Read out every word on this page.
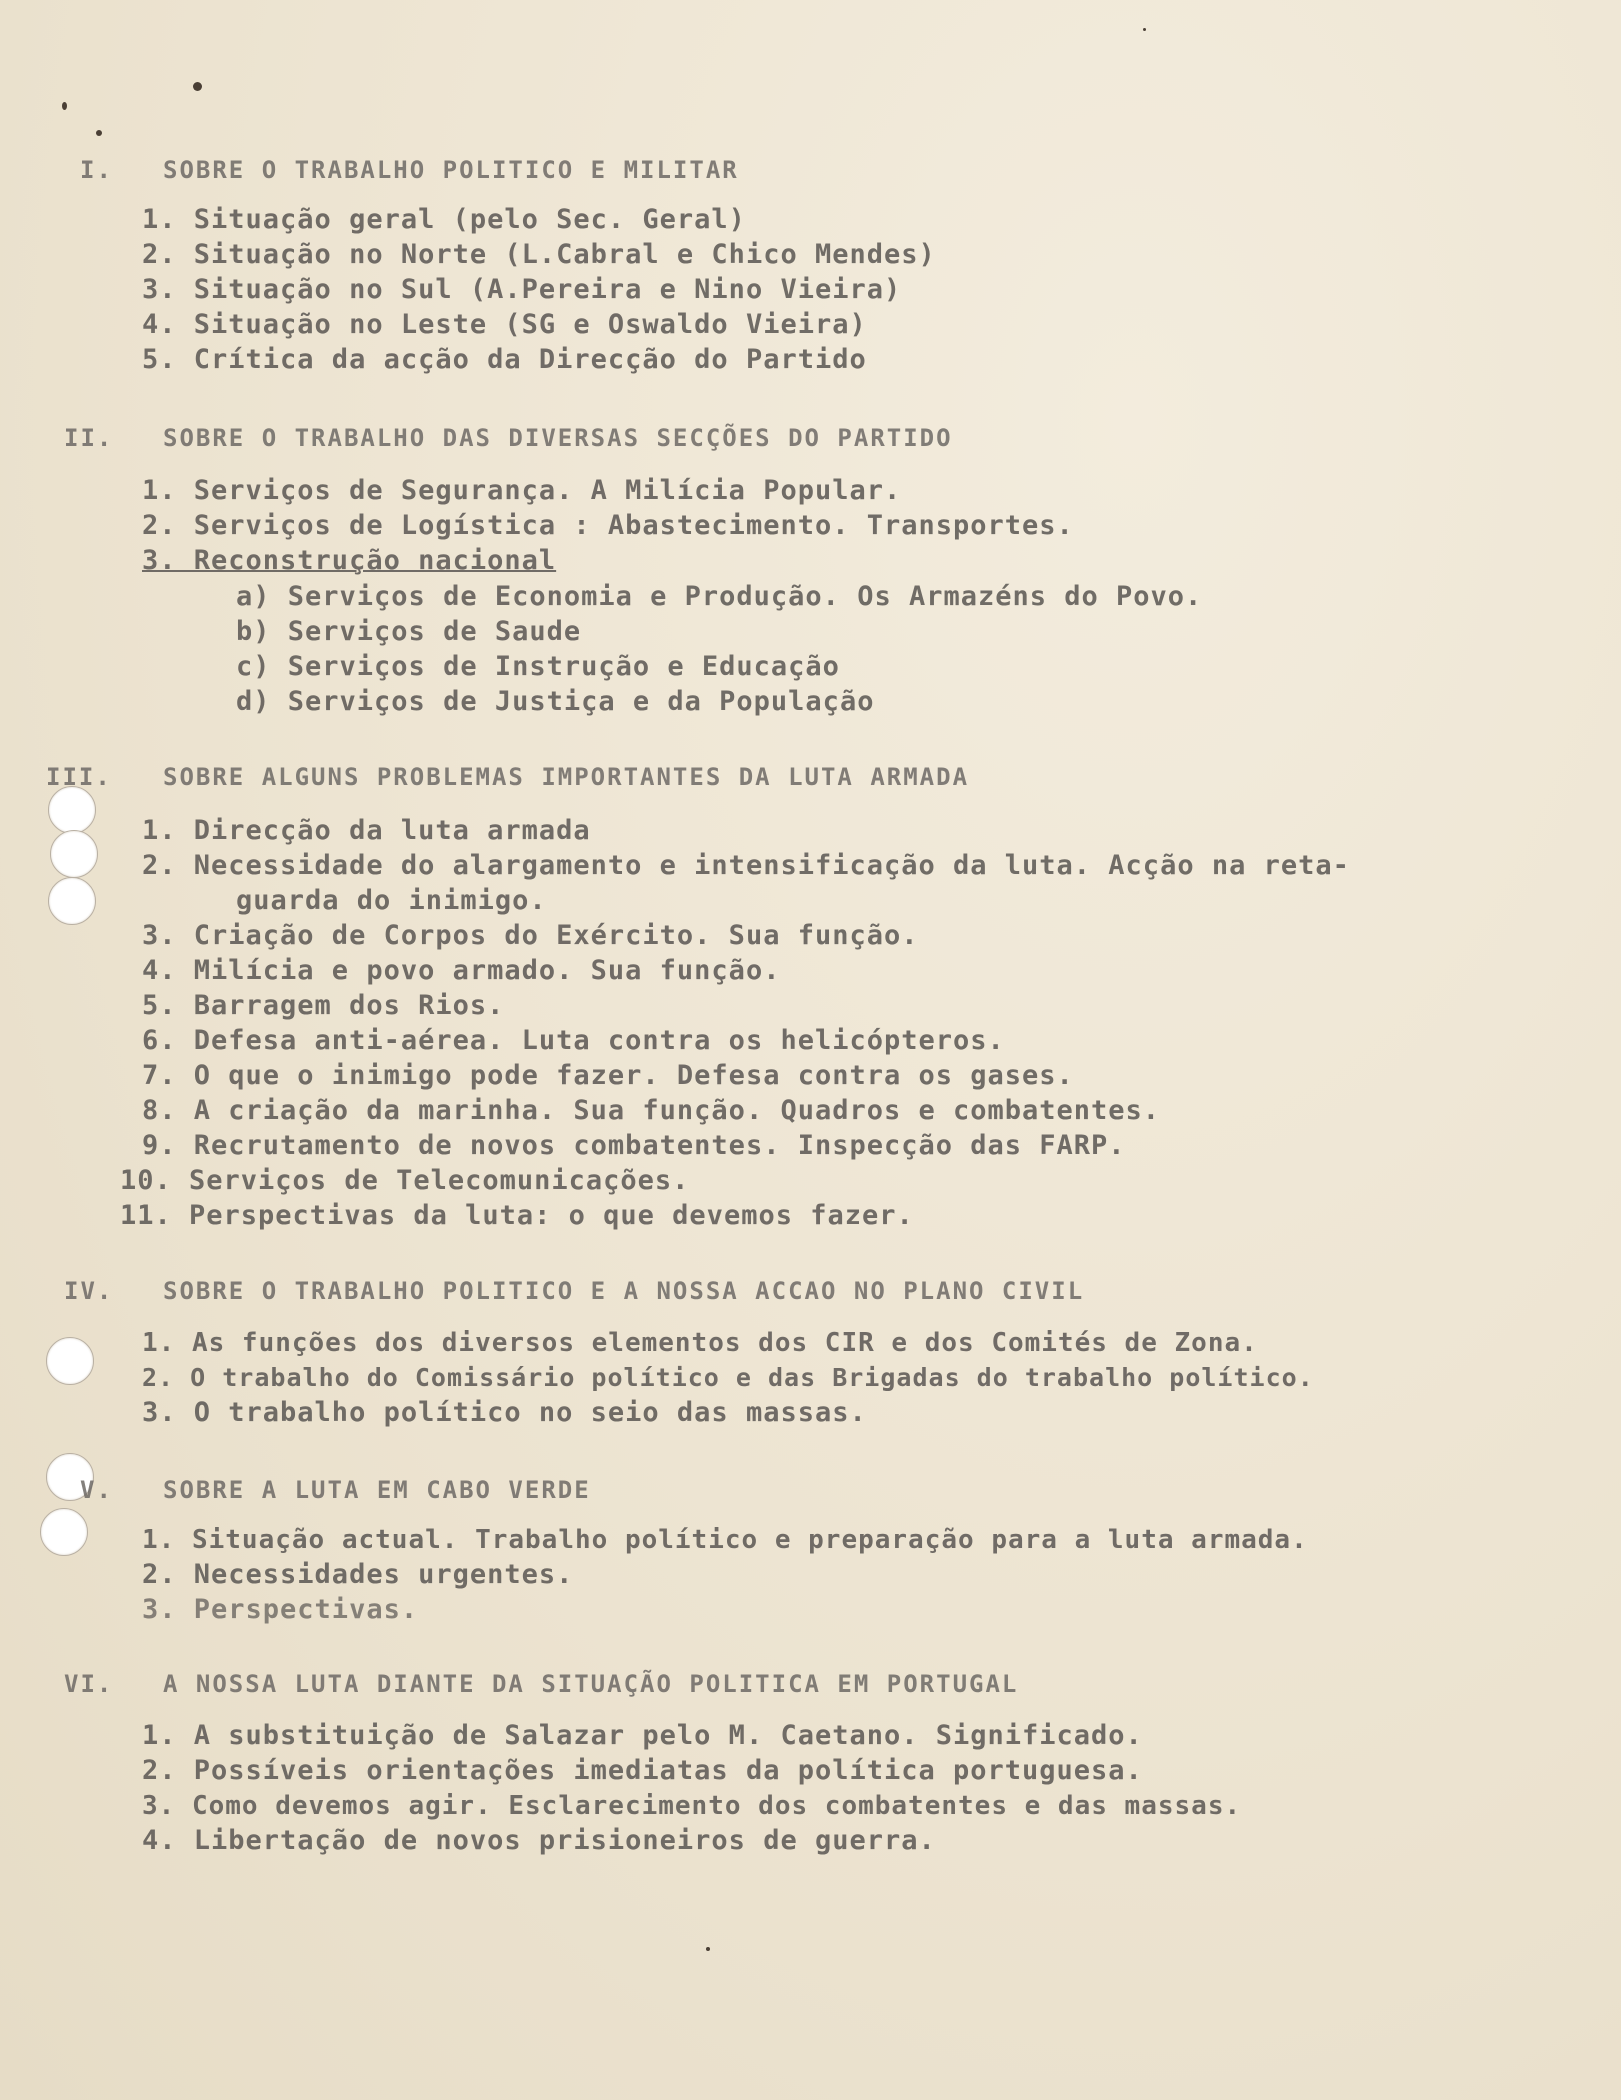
I. SOBRE O TRABALHO POLITICO E MILITAR
1. Situação geral (pelo Sec. Geral)
2. Situação no Norte (L.Cabral e Chico Mendes)
3. Situação no Sul (A.Pereira e Nino Vieira)
4. Situação no Leste (SG e Oswaldo Vieira)
5. Crítica da acção da Direcção do Partido
II. SOBRE O TRABALHO DAS DIVERSAS SECÇÕES DO PARTIDO
1. Serviços de Segurança. A Milícia Popular.
2. Serviços de Logística : Abastecimento. Transportes.
3. Reconstrução nacional
a) Serviços de Economia e Produção. Os Armazéns do Povo.
b) Serviços de Saude
c) Serviços de Instrução e Educação
d) Serviços de Justiça e da População
III. SOBRE ALGUNS PROBLEMAS IMPORTANTES DA LUTA ARMADA
1. Direcção da luta armada
2. Necessidade do alargamento e intensificação da luta. Acção na reta-
guarda do inimigo.
3. Criação de Corpos do Exército. Sua função.
4. Milícia e povo armado. Sua função.
5. Barragem dos Rios.
6. Defesa anti-aérea. Luta contra os helicópteros.
7. O que o inimigo pode fazer. Defesa contra os gases.
8. A criação da marinha. Sua função. Quadros e combatentes.
9. Recrutamento de novos combatentes. Inspecção das FARP.
10. Serviços de Telecomunicações.
11. Perspectivas da luta: o que devemos fazer.
IV. SOBRE O TRABALHO POLITICO E A NOSSA ACCAO NO PLANO CIVIL
1. As funções dos diversos elementos dos CIR e dos Comités de Zona.
2. O trabalho do Comissário político e das Brigadas do trabalho político.
3. O trabalho político no seio das massas.
V. SOBRE A LUTA EM CABO VERDE
1. Situação actual. Trabalho político e preparação para a luta armada.
2. Necessidades urgentes.
3. Perspectivas.
VI. A NOSSA LUTA DIANTE DA SITUAÇÃO POLITICA EM PORTUGAL
1. A substituição de Salazar pelo M. Caetano. Significado.
2. Possíveis orientações imediatas da política portuguesa.
3. Como devemos agir. Esclarecimento dos combatentes e das massas.
4. Libertação de novos prisioneiros de guerra.
